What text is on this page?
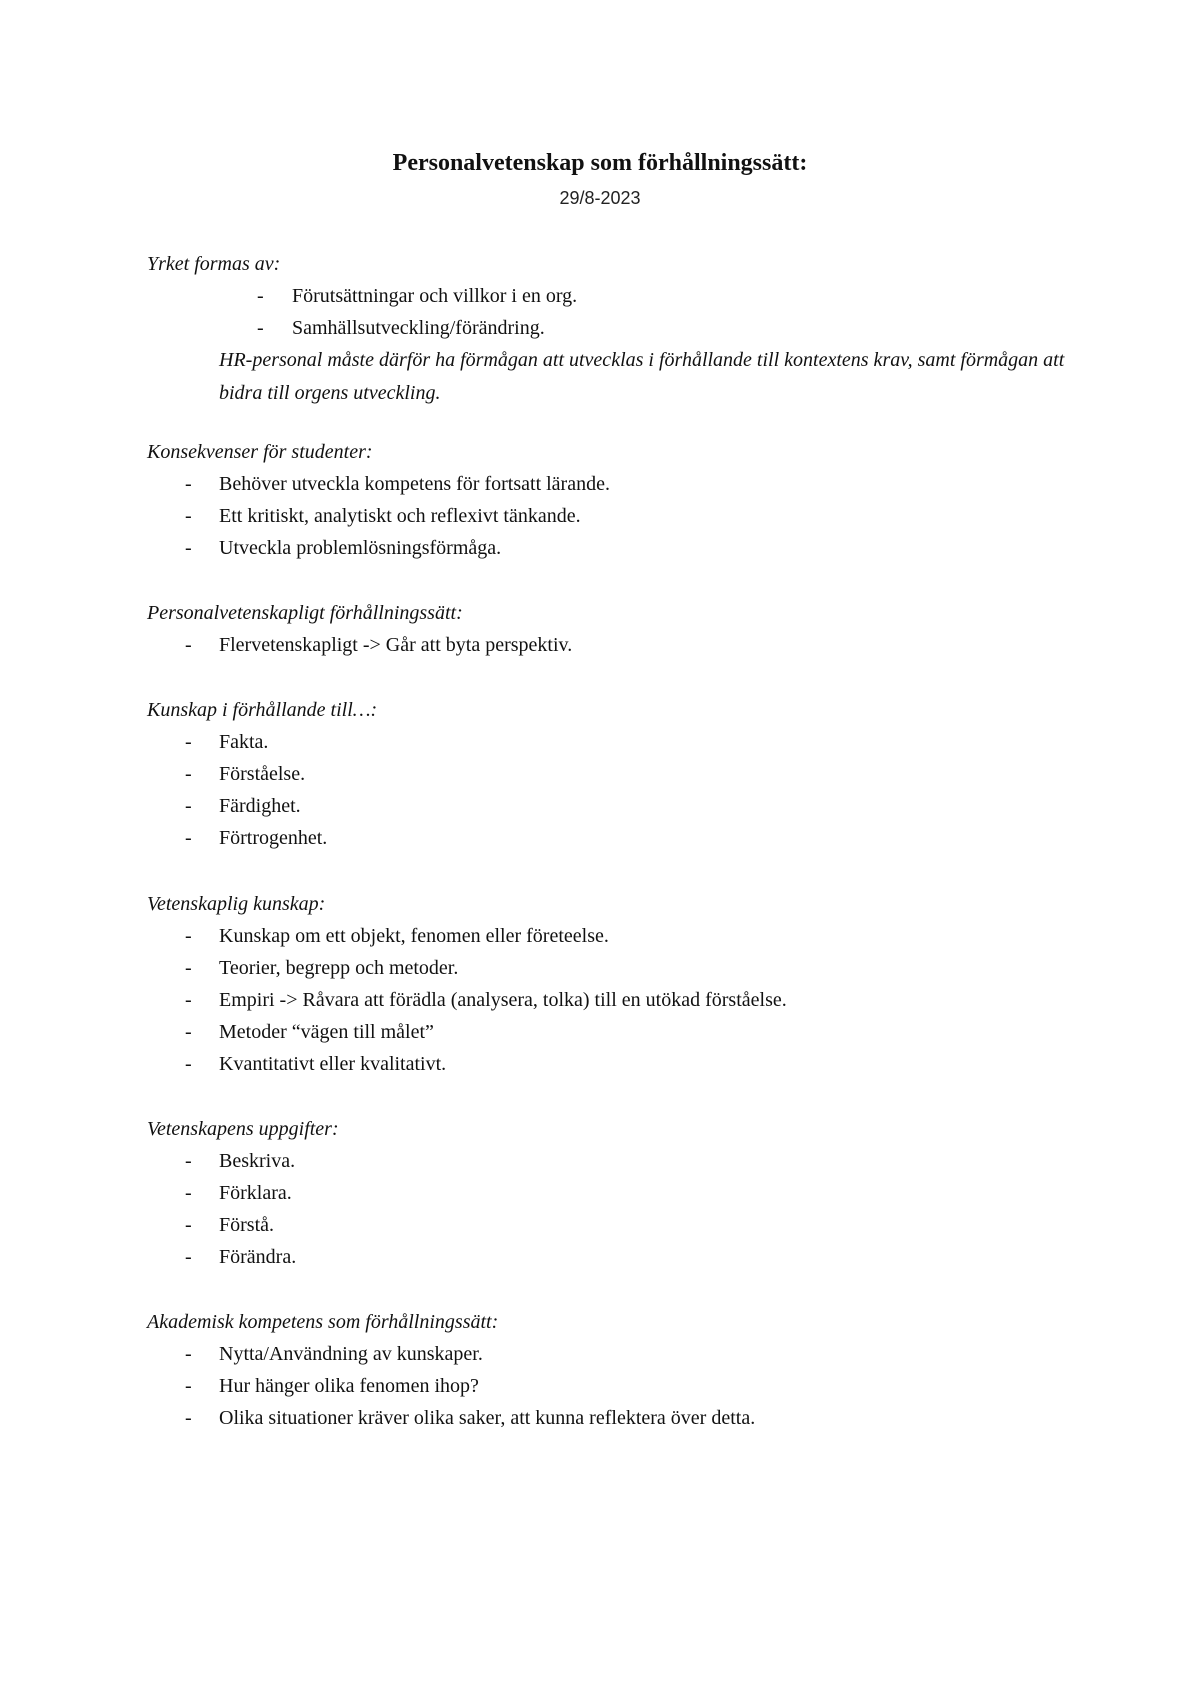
Personalvetenskap som förhållningssätt:
29/8-2023

Yrket formas av:

- Förutsättningar och villkor i en org.
- Samhällsutveckling/förändring.

HR-personal måste därför ha förmågan att utvecklas i förhållande till kontextens krav, samt förmågan att bidra till orgens utveckling.

Konsekvenser för studenter:

- Behöver utveckla kompetens för fortsatt lärande.
- Ett kritiskt, analytiskt och reflexivt tänkande.
- Utveckla problemlösningsförmåga.

Personalvetenskapligt förhållningssätt:

- Flervetenskapligt -> Går att byta perspektiv.

Kunskap i förhållande till…:

- Fakta.
- Förståelse.
- Färdighet.
- Förtrogenhet.

Vetenskaplig kunskap:

- Kunskap om ett objekt, fenomen eller företeelse.
- Teorier, begrepp och metoder.
- Empiri -> Råvara att förädla (analysera, tolka) till en utökad förståelse.
- Metoder “vägen till målet”
- Kvantitativt eller kvalitativt.

Vetenskapens uppgifter:

- Beskriva.
- Förklara.
- Förstå.
- Förändra.

Akademisk kompetens som förhållningssätt:

- Nytta/Användning av kunskaper.
- Hur hänger olika fenomen ihop?
- Olika situationer kräver olika saker, att kunna reflektera över detta.
